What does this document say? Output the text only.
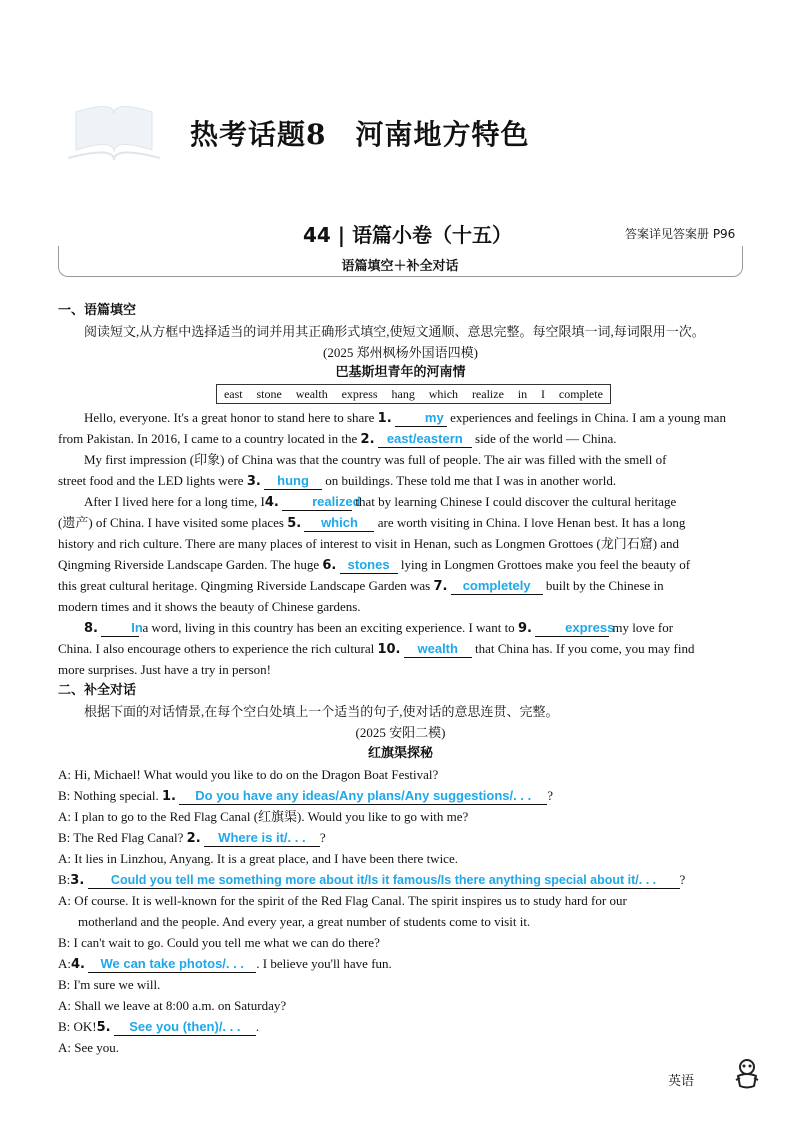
热考话题8　河南地方特色
44 | 语篇小卷（十五）	答案详见答案册 P96
语篇填空＋补全对话
一、语篇填空
阅读短文,从方框中选择适当的词并用其正确形式填空,使短文通顺、意思完整。每空限填一词,每词限用一次。
(2025 郑州枫杨外国语四模)
巴基斯坦青年的河南情
east stone wealth express hang which realize in I complete
Hello, everyone. It's a great honor to stand here to share 1.	my experiences and feelings in China. I am a young man
from Pakistan. In 2016, I came to a country located in the 2. east/eastern side of the world — China.
My first impression (印象) of China was that the country was full of people. The air was filled with the smell of
street food and the LED lights were 3. hung on buildings. These told me that I was in another world.
After I lived here for a long time, I4.	realized that by learning Chinese I could discover the cultural heritage
(遗产) of China. I have visited some places 5. which are worth visiting in China. I love Henan best. It has a long
history and rich culture. There are many places of interest to visit in Henan, such as Longmen Grottoes (龙门石窟) and
Qingming Riverside Landscape Garden. The huge 6. stones lying in Longmen Grottoes make you feel the beauty of
this great cultural heritage. Qingming Riverside Landscape Garden was 7. completely built by the Chinese in
modern times and it shows the beauty of Chinese gardens.
8.	In a word, living in this country has been an exciting experience. I want to 9.	express my love for
China. I also encourage others to experience the rich cultural 10. wealth that China has. If you come, you may find
more surprises. Just have a try in person!
二、补全对话
根据下面的对话情景,在每个空白处填上一个适当的句子,使对话的意思连贯、完整。
(2025 安阳二模)
红旗渠探秘
A: Hi, Michael! What would you like to do on the Dragon Boat Festival?
B: Nothing special. 1. Do you have any ideas/Any plans/Any suggestions/. . . ?
A: I plan to go to the Red Flag Canal (红旗渠). Would you like to go with me?
B: The Red Flag Canal? 2. Where is it/. . . ?
A: It lies in Linzhou, Anyang. It is a great place, and I have been there twice.
B:3. Could you tell me something more about it/Is it famous/Is there anything special about it/. . . ?
A: Of course. It is well-known for the spirit of the Red Flag Canal. The spirit inspires us to study hard for our
motherland and the people. And every year, a great number of students come to visit it.
B: I can't wait to go. Could you tell me what we can do there?
A:4. We can take photos/. . . . I believe you'll have fun.
B: I'm sure we will.
A: Shall we leave at 8:00 a.m. on Saturday?
B: OK!5. See you (then)/. . . .
A: See you.
英语
